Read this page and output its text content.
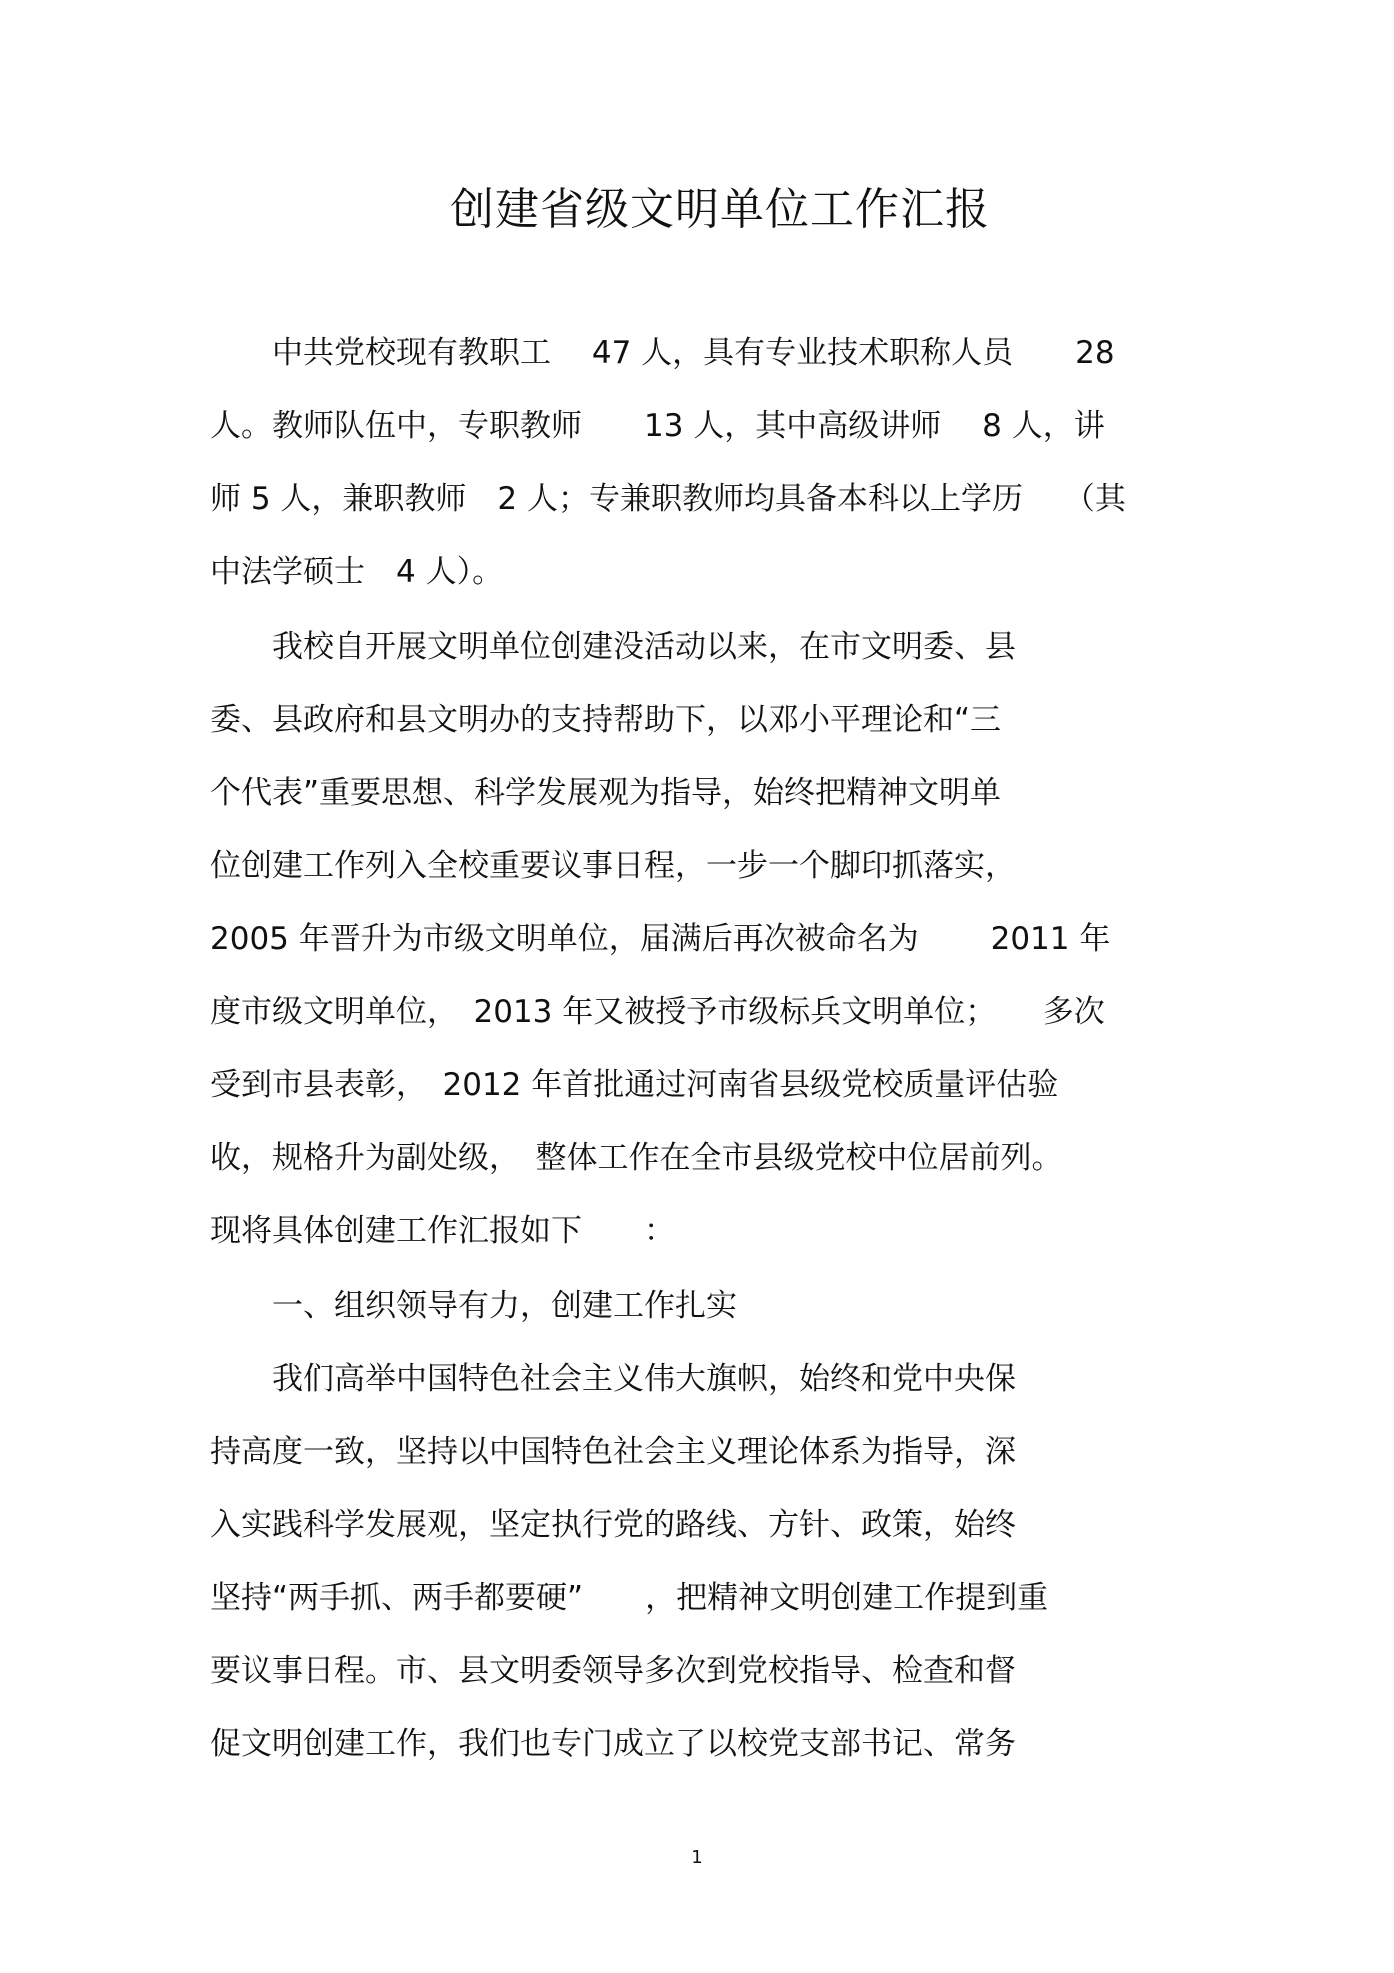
创建省级文明单位工作汇报
　　中共党校现有教职工　 47 人，具有专业技术职称人员　　28
人。教师队伍中，专职教师　　13 人，其中高级讲师　 8 人，讲
师 5 人，兼职教师　2 人；专兼职教师均具备本科以上学历　 （其
中法学硕士　4 人）。
　　我校自开展文明单位创建没活动以来，在市文明委、县
委、县政府和县文明办的支持帮助下，以邓小平理论和“三
个代表”重要思想、科学发展观为指导，始终把精神文明单
位创建工作列入全校重要议事日程，一步一个脚印抓落实，
2005 年晋升为市级文明单位，届满后再次被命名为　　 2011 年
度市级文明单位，　2013 年又被授予市级标兵文明单位；　　多次
受到市县表彰，　2012 年首批通过河南省县级党校质量评估验
收，规格升为副处级，　整体工作在全市县级党校中位居前列。
现将具体创建工作汇报如下　　：
　　一、组织领导有力，创建工作扎实
　　我们高举中国特色社会主义伟大旗帜，始终和党中央保
持高度一致，坚持以中国特色社会主义理论体系为指导，深
入实践科学发展观，坚定执行党的路线、方针、政策，始终
坚持“两手抓、两手都要硬”　　，把精神文明创建工作提到重
要议事日程。市、县文明委领导多次到党校指导、检查和督
促文明创建工作，我们也专门成立了以校党支部书记、常务
1
